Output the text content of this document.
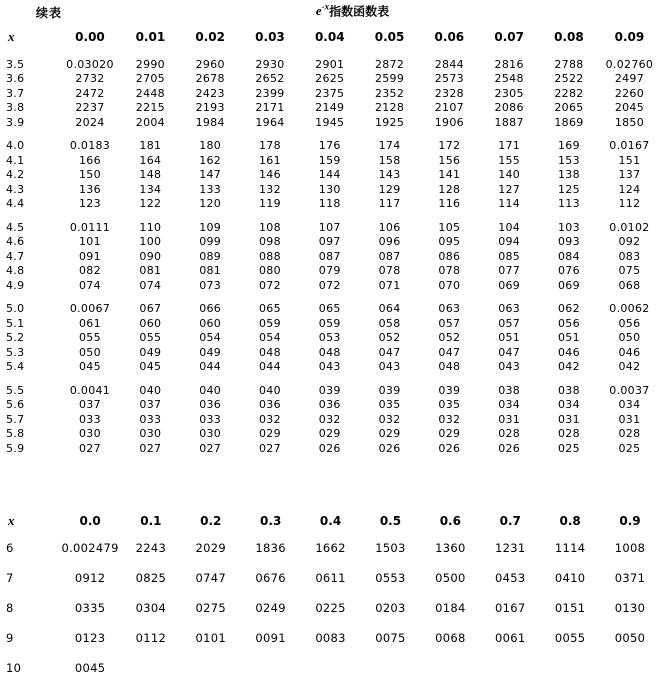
续表	$e^{-x}$指数函数表

x	0.00	0.01	0.02	0.03	0.04	0.05	0.06	0.07	0.08	0.09

3.5	0.03020	2990	2960	2930	2901	2872	2844	2816	2788	0.02760
3.6	2732	2705	2678	2652	2625	2599	2573	2548	2522	2497
3.7	2472	2448	2423	2399	2375	2352	2328	2305	2282	2260
3.8	2237	2215	2193	2171	2149	2128	2107	2086	2065	2045
3.9	2024	2004	1984	1964	1945	1925	1906	1887	1869	1850

4.0	0.0183	181	180	178	176	174	172	171	169	0.0167
4.1	166	164	162	161	159	158	156	155	153	151
4.2	150	148	147	146	144	143	141	140	138	137
4.3	136	134	133	132	130	129	128	127	125	124
4.4	123	122	120	119	118	117	116	114	113	112

4.5	0.0111	110	109	108	107	106	105	104	103	0.0102
4.6	101	100	099	098	097	096	095	094	093	092
4.7	091	090	089	088	087	087	086	085	084	083
4.8	082	081	081	080	079	078	078	077	076	075
4.9	074	074	073	072	072	071	070	069	069	068

5.0	0.0067	067	066	065	065	064	063	063	062	0.0062
5.1	061	060	060	059	059	058	057	057	056	056
5.2	055	055	054	054	053	052	052	051	051	050
5.3	050	049	049	048	048	047	047	047	046	046
5.4	045	045	044	044	043	043	048	043	042	042

5.5	0.0041	040	040	040	039	039	039	038	038	0.0037
5.6	037	037	036	036	036	035	035	034	034	034
5.7	033	033	033	032	032	032	032	031	031	031
5.8	030	030	030	029	029	029	029	028	028	028
5.9	027	027	027	027	026	026	026	026	025	025

x	0.0	0.1	0.2	0.3	0.4	0.5	0.6	0.7	0.8	0.9

6	0.002479	2243	2029	1836	1662	1503	1360	1231	1114	1008
7	0912	0825	0747	0676	0611	0553	0500	0453	0410	0371
8	0335	0304	0275	0249	0225	0203	0184	0167	0151	0130
9	0123	0112	0101	0091	0083	0075	0068	0061	0055	0050
10	0045									
